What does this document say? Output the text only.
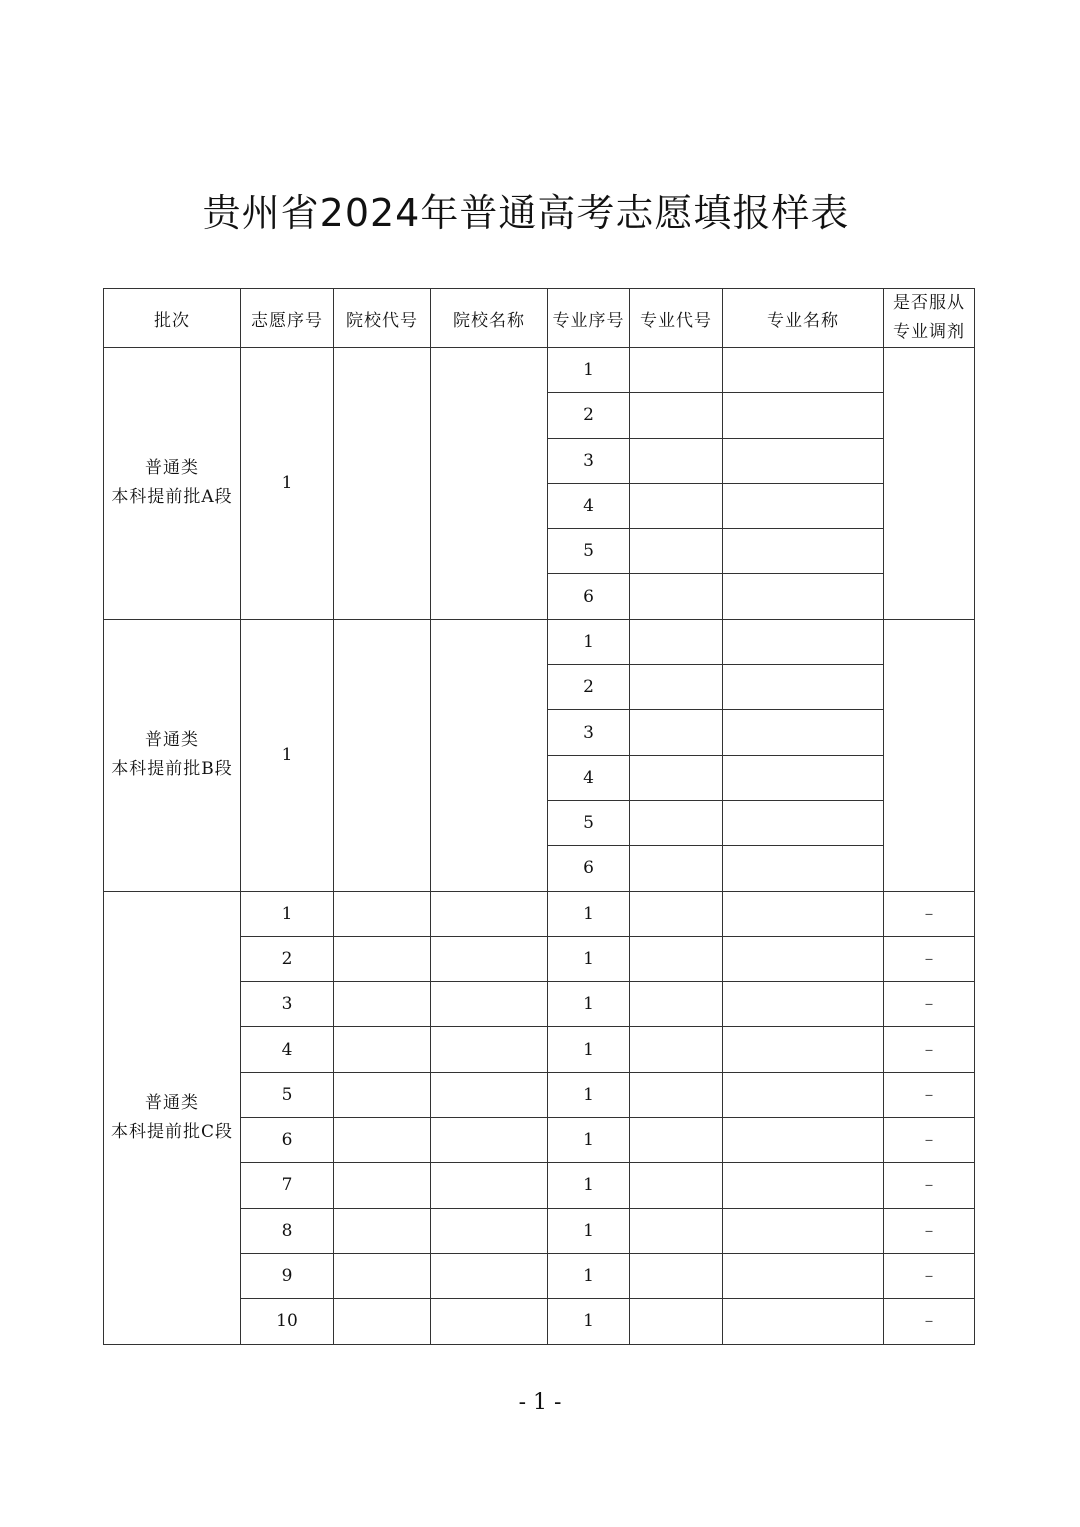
贵州省2024年普通高考志愿填报样表
批次	志愿序号	院校代号	院校名称	专业序号	专业代号	专业名称	是否服从
专业调剂

普通类
本科提前批A段	1			1			
				2			
				3			
				4			
				5			
				6			

普通类
本科提前批B段	1			1			
				2			
				3			
				4			
				5			
				6			

普通类
本科提前批C段	1			1			–
	2			1			–
	3			1			–
	4			1			–
	5			1			–
	6			1			–
	7			1			–
	8			1			–
	9			1			–
	10			1			–
- 1 -
